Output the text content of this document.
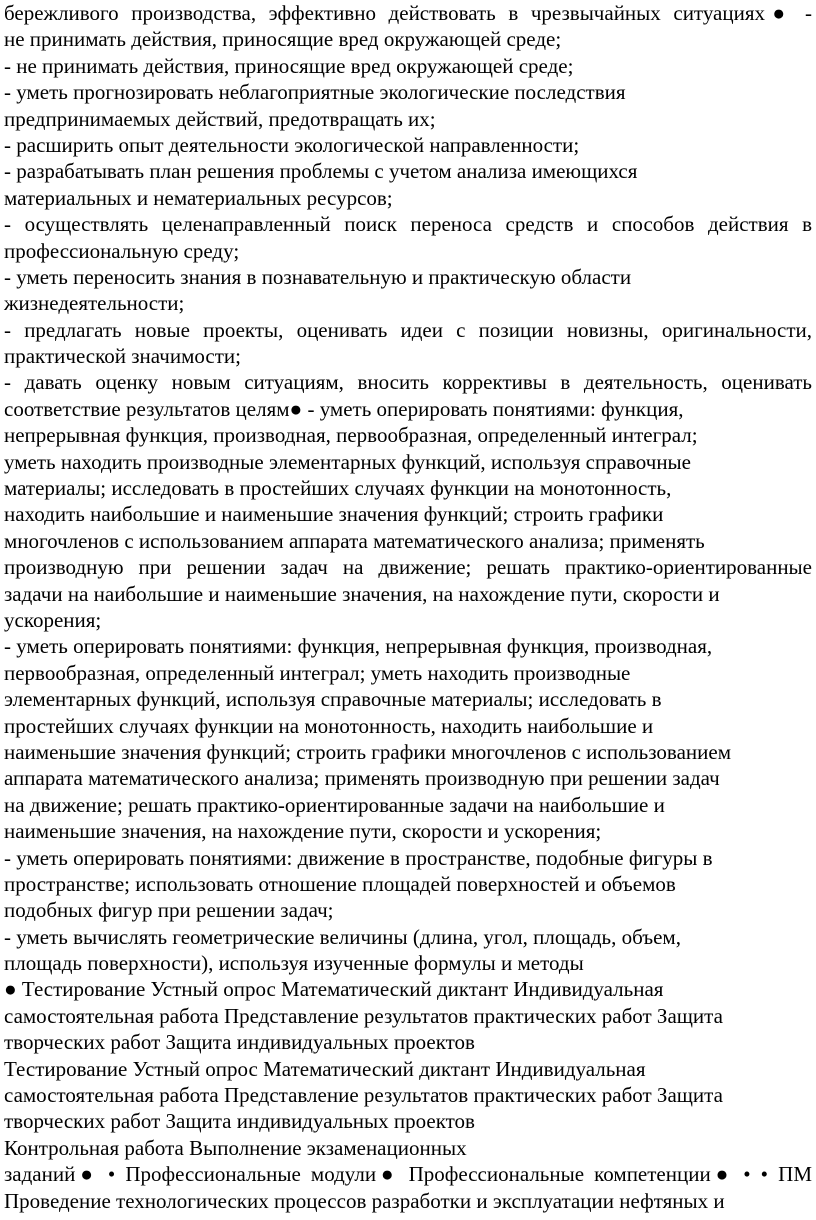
бережливого производства, эффективно действовать в чрезвычайных ситуациях● -
не принимать действия, приносящие вред окружающей среде;
- не принимать действия, приносящие вред окружающей среде;
- уметь прогнозировать неблагоприятные экологические последствия
предпринимаемых действий, предотвращать их;
- расширить опыт деятельности экологической направленности;
- разрабатывать план решения проблемы с учетом анализа имеющихся
материальных и нематериальных ресурсов;
- осуществлять целенаправленный поиск переноса средств и способов действия в
профессиональную среду;
- уметь переносить знания в познавательную и практическую области
жизнедеятельности;
- предлагать новые проекты, оценивать идеи с позиции новизны, оригинальности,
практической значимости;
- давать оценку новым ситуациям, вносить коррективы в деятельность, оценивать
соответствие результатов целям● - уметь оперировать понятиями: функция,
непрерывная функция, производная, первообразная, определенный интеграл;
уметь находить производные элементарных функций, используя справочные
материалы; исследовать в простейших случаях функции на монотонность,
находить наибольшие и наименьшие значения функций; строить графики
многочленов с использованием аппарата математического анализа; применять
производную при решении задач на движение; решать практико-ориентированные
задачи на наибольшие и наименьшие значения, на нахождение пути, скорости и
ускорения;
- уметь оперировать понятиями: функция, непрерывная функция, производная,
первообразная, определенный интеграл; уметь находить производные
элементарных функций, используя справочные материалы; исследовать в
простейших случаях функции на монотонность, находить наибольшие и
наименьшие значения функций; строить графики многочленов с использованием
аппарата математического анализа; применять производную при решении задач
на движение; решать практико-ориентированные задачи на наибольшие и
наименьшие значения, на нахождение пути, скорости и ускорения;
- уметь оперировать понятиями: движение в пространстве, подобные фигуры в
пространстве; использовать отношение площадей поверхностей и объемов
подобных фигур при решении задач;
- уметь вычислять геометрические величины (длина, угол, площадь, объем,
площадь поверхности), используя изученные формулы и методы
● Тестирование Устный опрос Математический диктант Индивидуальная
самостоятельная работа Представление результатов практических работ Защита
творческих работ Защита индивидуальных проектов
Тестирование Устный опрос Математический диктант Индивидуальная
самостоятельная работа Представление результатов практических работ Защита
творческих работ Защита индивидуальных проектов
Контрольная работа Выполнение экзаменационных
заданий● • Профессиональные модули● Профессиональные компетенции● • • ПМ
Проведение технологических процессов разработки и эксплуатации нефтяных и
